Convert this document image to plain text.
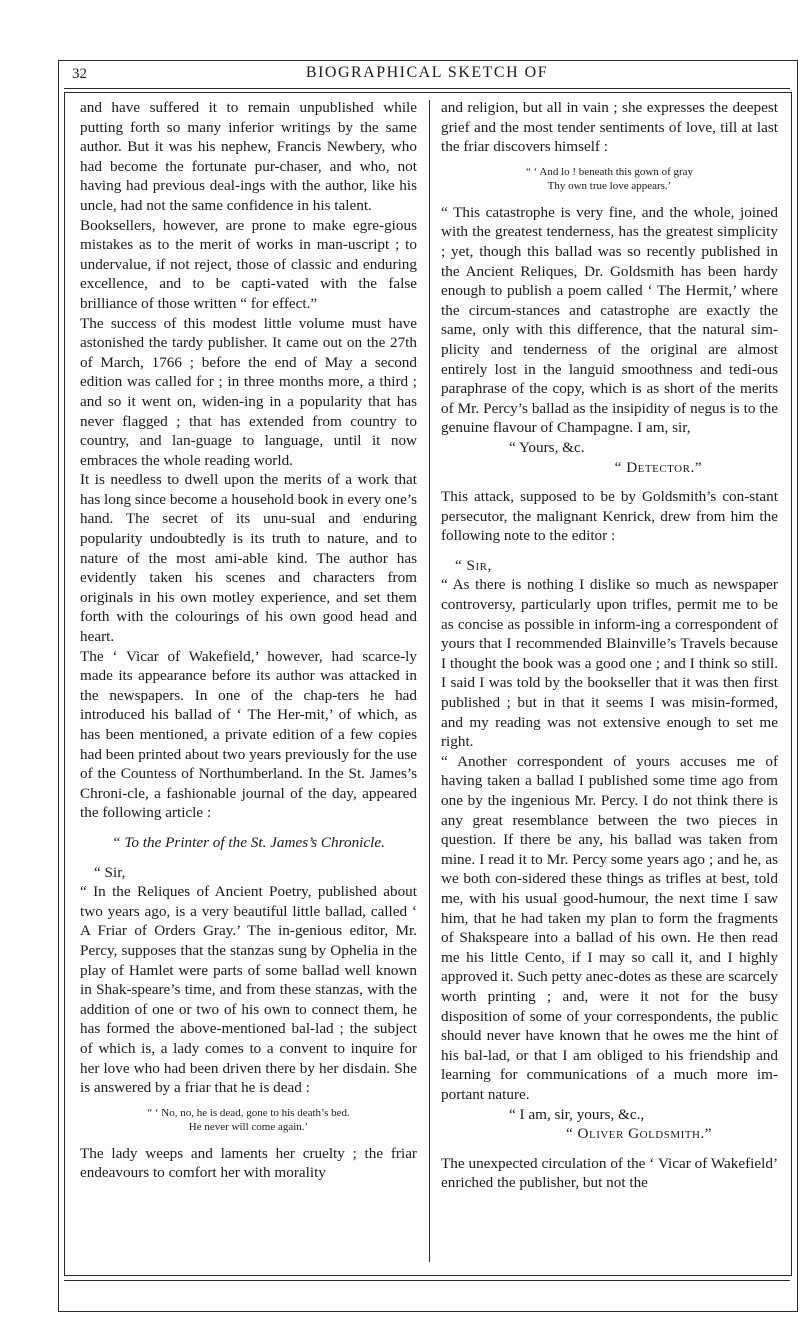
32	BIOGRAPHICAL SKETCH OF

and have suffered it to remain unpublished while putting forth so many inferior writings by the same author. But it was his nephew, Francis Newbery, who had become the fortunate pur-chaser, and who, not having had previous deal-ings with the author, like his uncle, had not the same confidence in his talent.

Booksellers, however, are prone to make egre-gious mistakes as to the merit of works in man-uscript ; to undervalue, if not reject, those of classic and enduring excellence, and to be capti-vated with the false brilliance of those written “ for effect.”

The success of this modest little volume must have astonished the tardy publisher. It came out on the 27th of March, 1766 ; before the end of May a second edition was called for ; in three months more, a third ; and so it went on, widen-ing in a popularity that has never flagged ; that has extended from country to country, and lan-guage to language, until it now embraces the whole reading world.

It is needless to dwell upon the merits of a work that has long since become a household book in every one’s hand. The secret of its unu-sual and enduring popularity undoubtedly is its truth to nature, and to nature of the most ami-able kind. The author has evidently taken his scenes and characters from originals in his own motley experience, and set them forth with the colourings of his own good head and heart.

The ‘ Vicar of Wakefield,’ however, had scarce-ly made its appearance before its author was attacked in the newspapers. In one of the chap-ters he had introduced his ballad of ‘ The Her-mit,’ of which, as has been mentioned, a private edition of a few copies had been printed about two years previously for the use of the Countess of Northumberland. In the St. James’s Chroni-cle, a fashionable journal of the day, appeared the following article :

“ To the Printer of the St. James’s Chronicle.

“ Sir,

“ In the Reliques of Ancient Poetry, published about two years ago, is a very beautiful little ballad, called ‘ A Friar of Orders Gray.’ The in-genious editor, Mr. Percy, supposes that the stanzas sung by Ophelia in the play of Hamlet were parts of some ballad well known in Shak-speare’s time, and from these stanzas, with the addition of one or two of his own to connect them, he has formed the above-mentioned bal-lad ; the subject of which is, a lady comes to a convent to inquire for her love who had been driven there by her disdain. She is answered by a friar that he is dead :

“ ‘ No, no, he is dead, gone to his death’s bed.
He never will come again.’

The lady weeps and laments her cruelty ; the friar endeavours to comfort her with morality

and religion, but all in vain ; she expresses the deepest grief and the most tender sentiments of love, till at last the friar discovers himself :

“ ‘ And lo ! beneath this gown of gray
Thy own true love appears.’

“ This catastrophe is very fine, and the whole, joined with the greatest tenderness, has the greatest simplicity ; yet, though this ballad was so recently published in the Ancient Reliques, Dr. Goldsmith has been hardy enough to publish a poem called ‘ The Hermit,’ where the circum-stances and catastrophe are exactly the same, only with this difference, that the natural sim-plicity and tenderness of the original are almost entirely lost in the languid smoothness and tedi-ous paraphrase of the copy, which is as short of the merits of Mr. Percy’s ballad as the insipidity of negus is to the genuine flavour of Champagne. I am, sir,

“ Yours, &c.

“ Detector.”

This attack, supposed to be by Goldsmith’s con-stant persecutor, the malignant Kenrick, drew from him the following note to the editor :

“ Sir,

“ As there is nothing I dislike so much as newspaper controversy, particularly upon trifles, permit me to be as concise as possible in inform-ing a correspondent of yours that I recommended Blainville’s Travels because I thought the book was a good one ; and I think so still. I said I was told by the bookseller that it was then first published ; but in that it seems I was misin-formed, and my reading was not extensive enough to set me right.

“ Another correspondent of yours accuses me of having taken a ballad I published some time ago from one by the ingenious Mr. Percy. I do not think there is any great resemblance between the two pieces in question. If there be any, his ballad was taken from mine. I read it to Mr. Percy some years ago ; and he, as we both con-sidered these things as trifles at best, told me, with his usual good-humour, the next time I saw him, that he had taken my plan to form the fragments of Shakspeare into a ballad of his own. He then read me his little Cento, if I may so call it, and I highly approved it. Such petty anec-dotes as these are scarcely worth printing ; and, were it not for the busy disposition of some of your correspondents, the public should never have known that he owes me the hint of his bal-lad, or that I am obliged to his friendship and learning for communications of a much more im-portant nature.

“ I am, sir, yours, &c.,

“ Oliver Goldsmith.”

The unexpected circulation of the ‘ Vicar of Wakefield’ enriched the publisher, but not the
